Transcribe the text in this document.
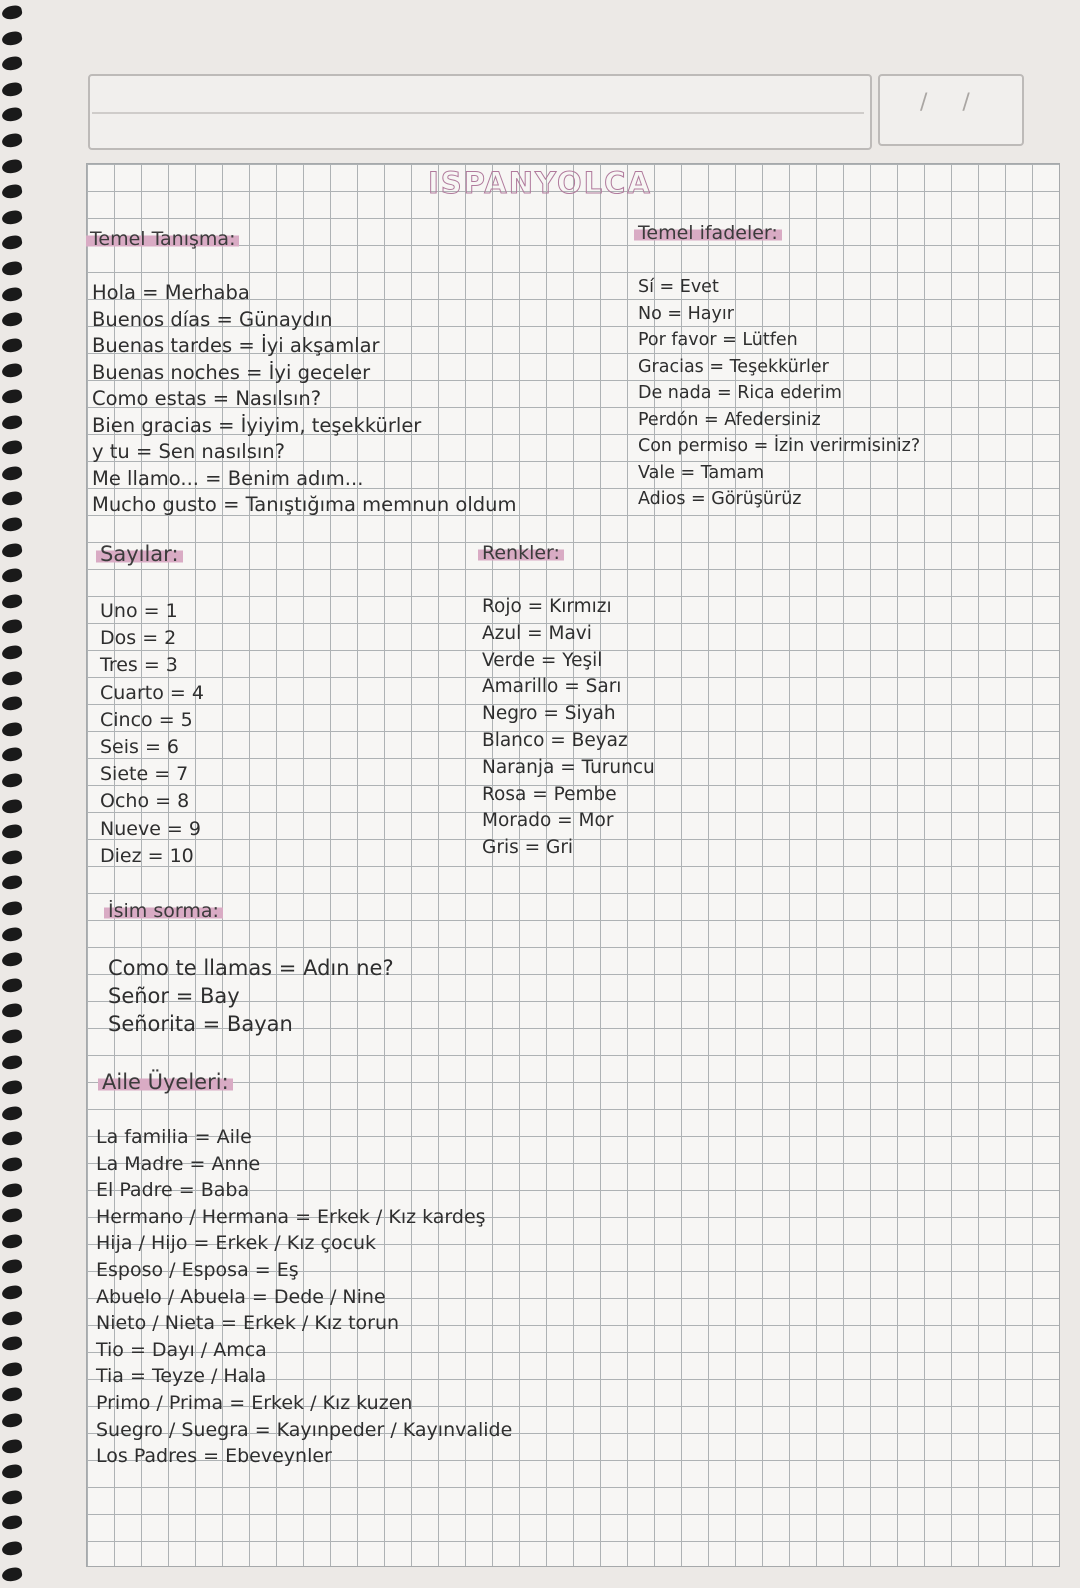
/ /
ISPANYOLCA
Temel Tanışma :
Hola = Merhaba
Buenos días = Günaydın
Buenas tardes = İyi akşamlar
Buenas noches = İyi geceler
Como estas = Nasılsın?
Bien gracias = İyiyim, teşekkürler
y tu = Sen nasılsın?
Me llamo... = Benim adım...
Mucho gusto = Tanıştığıma memnun oldum
Temel ifadeler :
Sí = Evet
No = Hayır
Por favor = Lütfen
Gracias = Teşekkürler
De nada = Rica ederim
Perdón = Afedersiniz
Con permiso = İzin verirmisiniz?
Vale = Tamam
Adios = Görüşürüz
Sayılar :
Uno = 1
Dos = 2
Tres = 3
Cuarto = 4
Cinco = 5
Seis = 6
Siete = 7
Ocho = 8
Nueve = 9
Diez = 10
Renkler :
Rojo = Kırmızı
Azul = Mavi
Verde = Yeşil
Amarillo = Sarı
Negro = Siyah
Blanco = Beyaz
Naranja = Turuncu
Rosa = Pembe
Morado = Mor
Gris = Gri
İsim sorma :
Como te llamas = Adın ne?
Señor = Bay
Señorita = Bayan
Aile Üyeleri :
La familia = Aile
La Madre = Anne
El Padre = Baba
Hermano / Hermana = Erkek / Kız kardeş
Hija / Hijo = Erkek / Kız çocuk
Esposo / Esposa = Eş
Abuelo / Abuela = Dede / Nine
Nieto / Nieta = Erkek / Kız torun
Tio = Dayı / Amca
Tia = Teyze / Hala
Primo / Prima = Erkek / Kız kuzen
Suegro / Suegra = Kayınpeder / Kayınvalide
Los Padres = Ebeveynler
